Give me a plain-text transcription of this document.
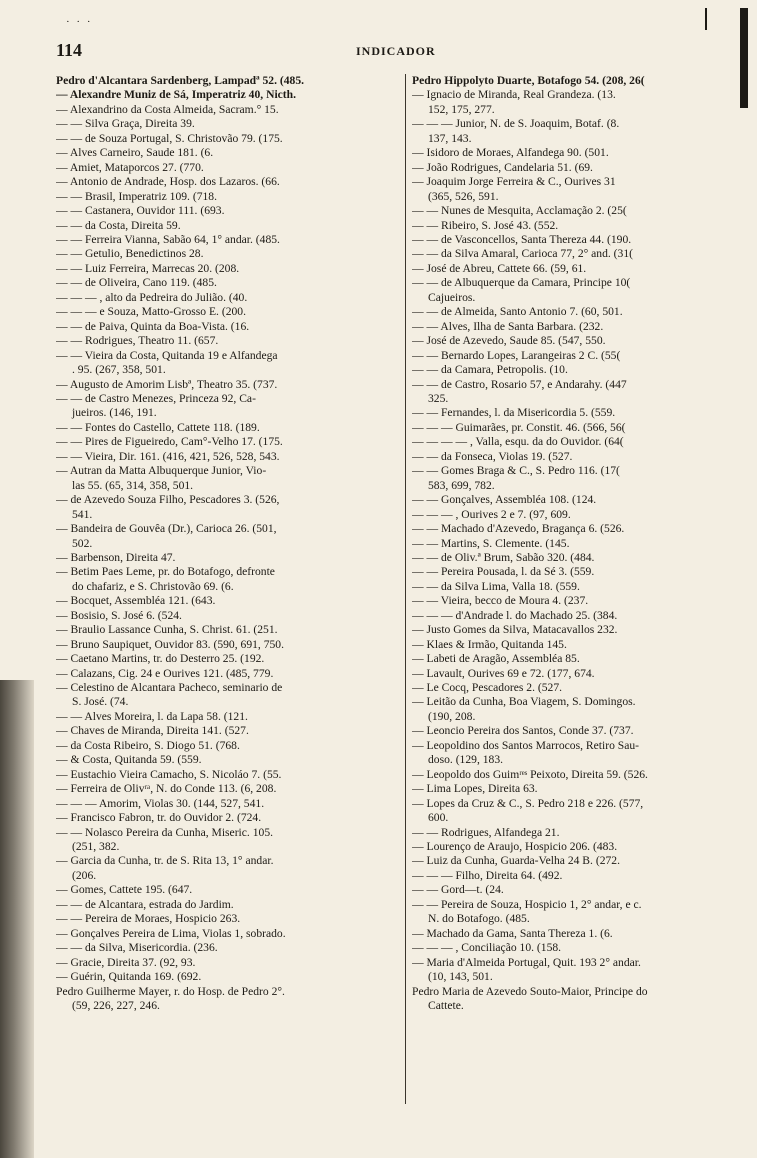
· · ·
114	INDICADOR
Pedro d'Alcantara Sardenberg, Lampadª 52. (485.
— Alexandre Muniz de Sá, Imperatriz 40, Nicth.
— Alexandrino da Costa Almeida, Sacram.° 15.
— — Silva Graça, Direita 39.
— — de Souza Portugal, S. Christovão 79. (175.
— Alves Carneiro, Saude 181. (6.
— Amiet, Mataporcos 27. (770.
— Antonio de Andrade, Hosp. dos Lazaros. (66.
— — Brasil, Imperatriz 109. (718.
— — Castanera, Ouvidor 111. (693.
— — da Costa, Direita 59.
— — Ferreira Vianna, Sabão 64, 1° andar. (485.
— — Getulio, Benedictinos 28.
— — Luiz Ferreira, Marrecas 20. (208.
— — de Oliveira, Cano 119. (485.
— — — , alto da Pedreira do Julião. (40.
— — — e Souza, Matto-Grosso E. (200.
— — de Paiva, Quinta da Boa-Vista. (16.
— — Rodrigues, Theatro 11. (657.
— — Vieira da Costa, Quitanda 19 e Alfandega
. 95. (267, 358, 501.
— Augusto de Amorim Lisbª, Theatro 35. (737.
— — de Castro Menezes, Princeza 92, Ca-
jueiros. (146, 191.
— — Fontes do Castello, Cattete 118. (189.
— — Pires de Figueiredo, Cam°-Velho 17. (175.
— — Vieira, Dir. 161. (416, 421, 526, 528, 543.
— Autran da Matta Albuquerque Junior, Vio-
las 55. (65, 314, 358, 501.
— de Azevedo Souza Filho, Pescadores 3. (526,
541.
— Bandeira de Gouvêa (Dr.), Carioca 26. (501,
502.
— Barbenson, Direita 47.
— Betim Paes Leme, pr. do Botafogo, defronte
do chafariz, e S. Christovão 69. (6.
— Bocquet, Assembléa 121. (643.
— Bosisio, S. José 6. (524.
— Braulio Lassance Cunha, S. Christ. 61. (251.
— Bruno Saupiquet, Ouvidor 83. (590, 691, 750.
— Caetano Martins, tr. do Desterro 25. (192.
— Calazans, Cig. 24 e Ourives 121. (485, 779.
— Celestino de Alcantara Pacheco, seminario de
S. José. (74.
— — Alves Moreira, l. da Lapa 58. (121.
— Chaves de Miranda, Direita 141. (527.
— da Costa Ribeiro, S. Diogo 51. (768.
— & Costa, Quitanda 59. (559.
— Eustachio Vieira Camacho, S. Nicoláo 7. (55.
— Ferreira de Olivʳᵃ, N. do Conde 113. (6, 208.
— — — Amorim, Violas 30. (144, 527, 541.
— Francisco Fabron, tr. do Ouvidor 2. (724.
— — Nolasco Pereira da Cunha, Miseric. 105.
(251, 382.
— Garcia da Cunha, tr. de S. Rita 13, 1° andar.
(206.
— Gomes, Cattete 195. (647.
— — de Alcantara, estrada do Jardim.
— — Pereira de Moraes, Hospicio 263.
— Gonçalves Pereira de Lima, Violas 1, sobrado.
— — da Silva, Misericordia. (236.
— Gracie, Direita 37. (92, 93.
— Guérin, Quitanda 169. (692.
Pedro Guilherme Mayer, r. do Hosp. de Pedro 2°.
(59, 226, 227, 246.
Pedro Hippolyto Duarte, Botafogo 54. (208, 26(
— Ignacio de Miranda, Real Grandeza. (13.
152, 175, 277.
— — — Junior, N. de S. Joaquim, Botaf. (8.
137, 143.
— Isidoro de Moraes, Alfandega 90. (501.
— João Rodrigues, Candelaria 51. (69.
— Joaquim Jorge Ferreira & C., Ourives 31
(365, 526, 591.
— — Nunes de Mesquita, Acclamação 2. (25(
— — Ribeiro, S. José 43. (552.
— — de Vasconcellos, Santa Thereza 44. (190.
— — da Silva Amaral, Carioca 77, 2° and. (31(
— José de Abreu, Cattete 66. (59, 61.
— — de Albuquerque da Camara, Principe 10(
Cajueiros.
— — de Almeida, Santo Antonio 7. (60, 501.
— — Alves, Ilha de Santa Barbara. (232.
— José de Azevedo, Saude 85. (547, 550.
— — Bernardo Lopes, Larangeiras 2 C. (55(
— — da Camara, Petropolis. (10.
— — de Castro, Rosario 57, e Andarahy. (447
325.
— — Fernandes, l. da Misericordia 5. (559.
— — — Guimarães, pr. Constit. 46. (566, 56(
— — — — , Valla, esqu. da do Ouvidor. (64(
— — da Fonseca, Violas 19. (527.
— — Gomes Braga & C., S. Pedro 116. (17(
583, 699, 782.
— — Gonçalves, Assembléa 108. (124.
— — — , Ourives 2 e 7. (97, 609.
— — Machado d'Azevedo, Bragança 6. (526.
— — Martins, S. Clemente. (145.
— — de Oliv.ª Brum, Sabão 320. (484.
— — Pereira Pousada, l. da Sé 3. (559.
— — da Silva Lima, Valla 18. (559.
— — Vieira, becco de Moura 4. (237.
— — — d'Andrade l. do Machado 25. (384.
— Justo Gomes da Silva, Matacavallos 232.
— Klaes & Irmão, Quitanda 145.
— Labeti de Aragão, Assembléa 85.
— Lavault, Ourives 69 e 72. (177, 674.
— Le Cocq, Pescadores 2. (527.
— Leitão da Cunha, Boa Viagem, S. Domingos.
(190, 208.
— Leoncio Pereira dos Santos, Conde 37. (737.
— Leopoldino dos Santos Marrocos, Retiro Sau-
doso. (129, 183.
— Leopoldo dos Guimʳᵉˢ Peixoto, Direita 59. (526.
— Lima Lopes, Direita 63.
— Lopes da Cruz & C., S. Pedro 218 e 226. (577,
600.
— — Rodrigues, Alfandega 21.
— Lourenço de Araujo, Hospicio 206. (483.
— Luiz da Cunha, Guarda-Velha 24 B. (272.
— — — Filho, Direita 64. (492.
— — Gord—t. (24.
— — Pereira de Souza, Hospicio 1, 2° andar, e c.
N. do Botafogo. (485.
— Machado da Gama, Santa Thereza 1. (6.
— — — , Conciliação 10. (158.
— Maria d'Almeida Portugal, Quit. 193 2° andar.
(10, 143, 501.
Pedro Maria de Azevedo Souto-Maior, Principe do
Cattete.
